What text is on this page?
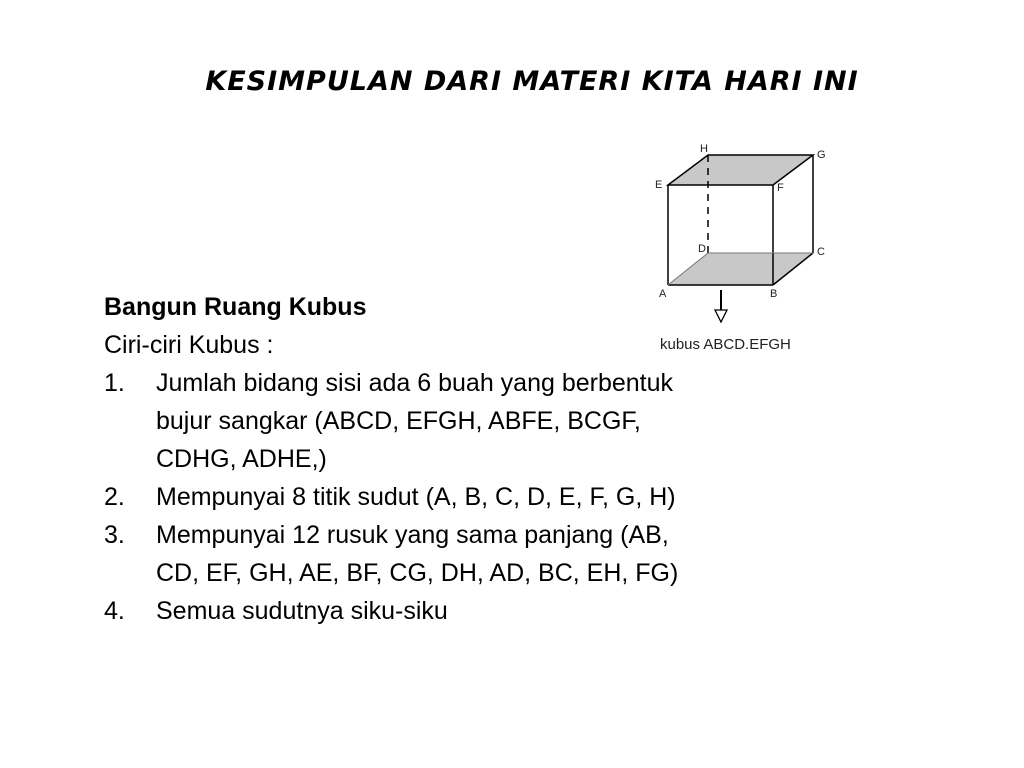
KESIMPULAN DARI MATERI KITA HARI INI
H	G
E	F
D	C
A	B
kubus ABCD.EFGH
Bangun Ruang Kubus
Ciri-ciri Kubus :
1.	Jumlah bidang sisi ada 6 buah yang berbentuk
bujur sangkar (ABCD, EFGH, ABFE, BCGF,
CDHG, ADHE,)
2.	Mempunyai 8 titik sudut (A, B, C, D, E, F, G, H)
3.	Mempunyai 12 rusuk yang sama panjang (AB,
CD, EF, GH, AE, BF, CG, DH, AD, BC, EH, FG)
4.	Semua sudutnya siku-siku
